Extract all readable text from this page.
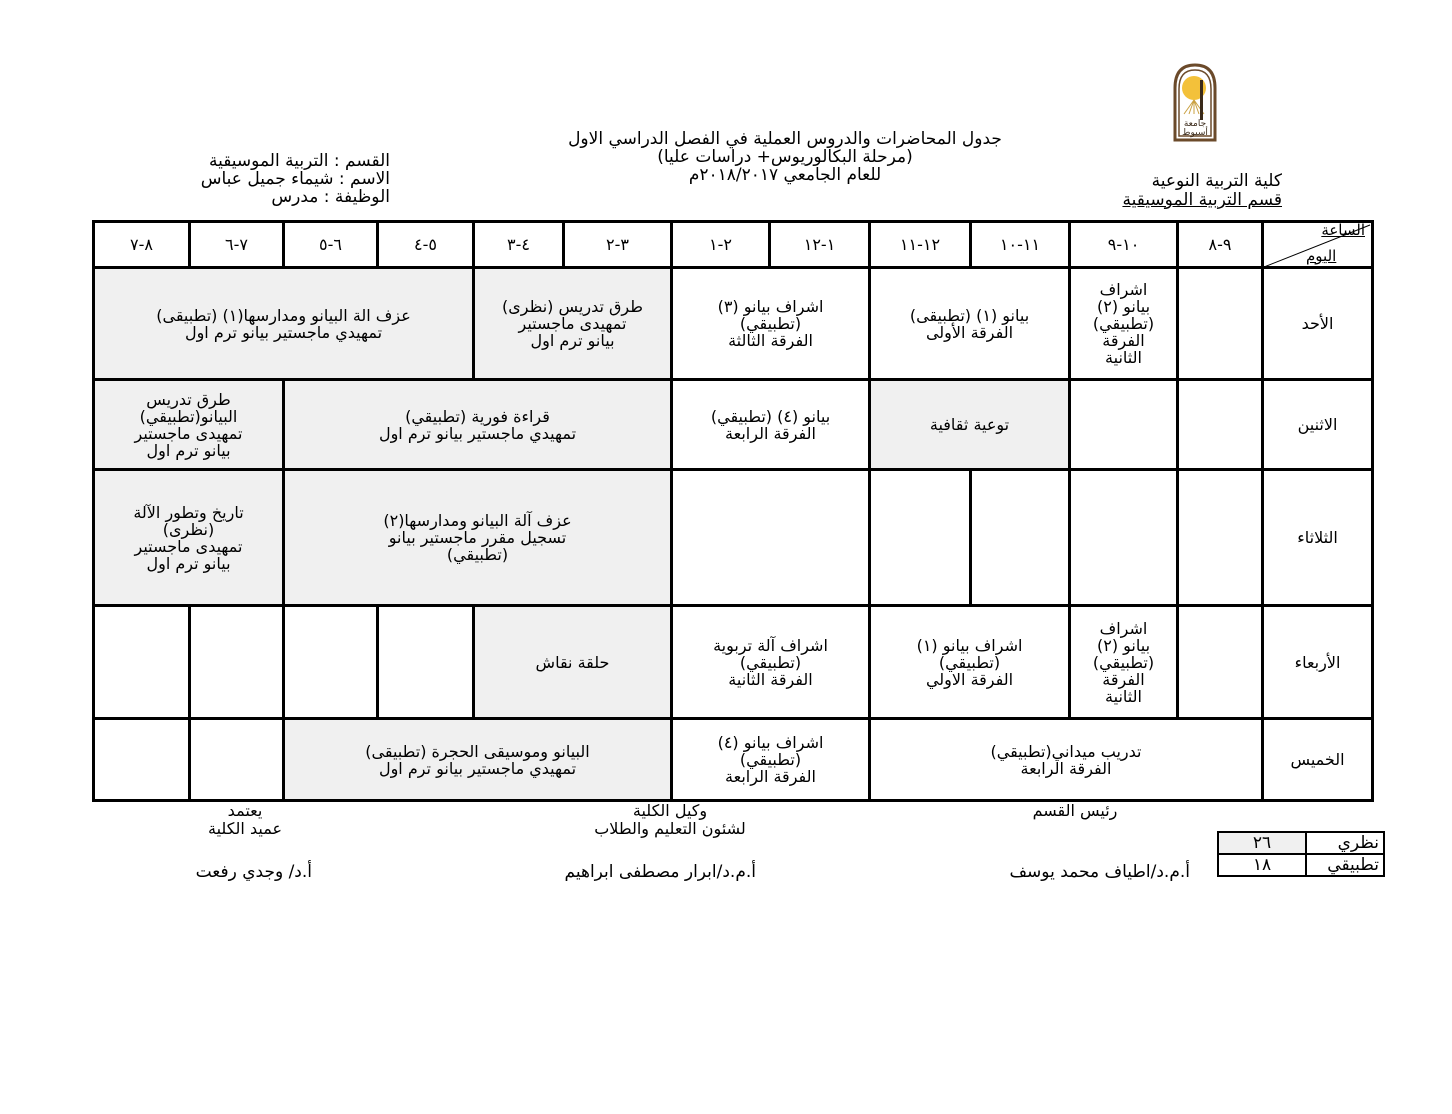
جامعة
أسيوط
كلية التربية النوعية
قسم التربية الموسيقية
جدول المحاضرات والدروس العملية في الفصل الدراسي الاول
(مرحلة البكالوريوس+ دراسات عليا)
للعام الجامعي ٢٠١٨/٢٠١٧م
القسم : التربية الموسيقية
الاسم : شيماء جميل عباس
الوظيفة : مدرس
الساعة
اليوم	٩-٨	١٠-٩	١١-١٠	١٢-١١	١-١٢	٢-١	٣-٢	٤-٣	٥-٤	٦-٥	٧-٦	٨-٧
الأحد		اشراف
بيانو (٢)
(تطبيقي)
الفرقة
الثانية	بيانو (١) (تطبيقى)
الفرقة الأولى		اشراف بيانو (٣)
(تطبيقي)
الفرقة الثالثة		طرق تدريس (نظرى)
تمهيدى ماجستير
بيانو ترم اول		عزف الة البيانو ومدارسها(١) (تطبيقى)
تمهيدي ماجستير بيانو ترم اول			

الاثنين			توعية ثقافية		بيانو (٤) (تطبيقي)
الفرقة الرابعة		قراءة فورية (تطبيقي)
تمهيدي ماجستير بيانو ترم اول				طرق تدريس
البيانو(تطبيقي)
تمهيدى ماجستير
بيانو ترم اول	

الثلاثاء							عزف آلة البيانو ومدارسها(٢)
تسجيل مقرر ماجستير بيانو
(تطبيقي)				تاريخ وتطور الآلة
(نظرى)
تمهيدى ماجستير
بيانو ترم اول	

الأربعاء		اشراف
بيانو (٢)
(تطبيقي)
الفرقة
الثانية	اشراف بيانو (١)
(تطبيقي)
الفرقة الاولي		اشراف آلة تربوية
(تطبيقي)
الفرقة الثانية		حلقة نقاش					

الخميس	تدريب ميداني(تطبيقي)
الفرقة الرابعة				اشراف بيانو (٤)
(تطبيقي)
الفرقة الرابعة		البيانو وموسيقى الحجرة (تطبيقى)
تمهيدي ماجستير بيانو ترم اول					

رئيس القسم
وكيل الكلية
لشئون التعليم والطلاب
يعتمد
عميد الكلية
أ.م.د/اطياف محمد يوسف
أ.م.د/ابرار مصطفى ابراهيم
أ.د/ وجدي رفعت
نظري	٢٦
تطبيقي	١٨
